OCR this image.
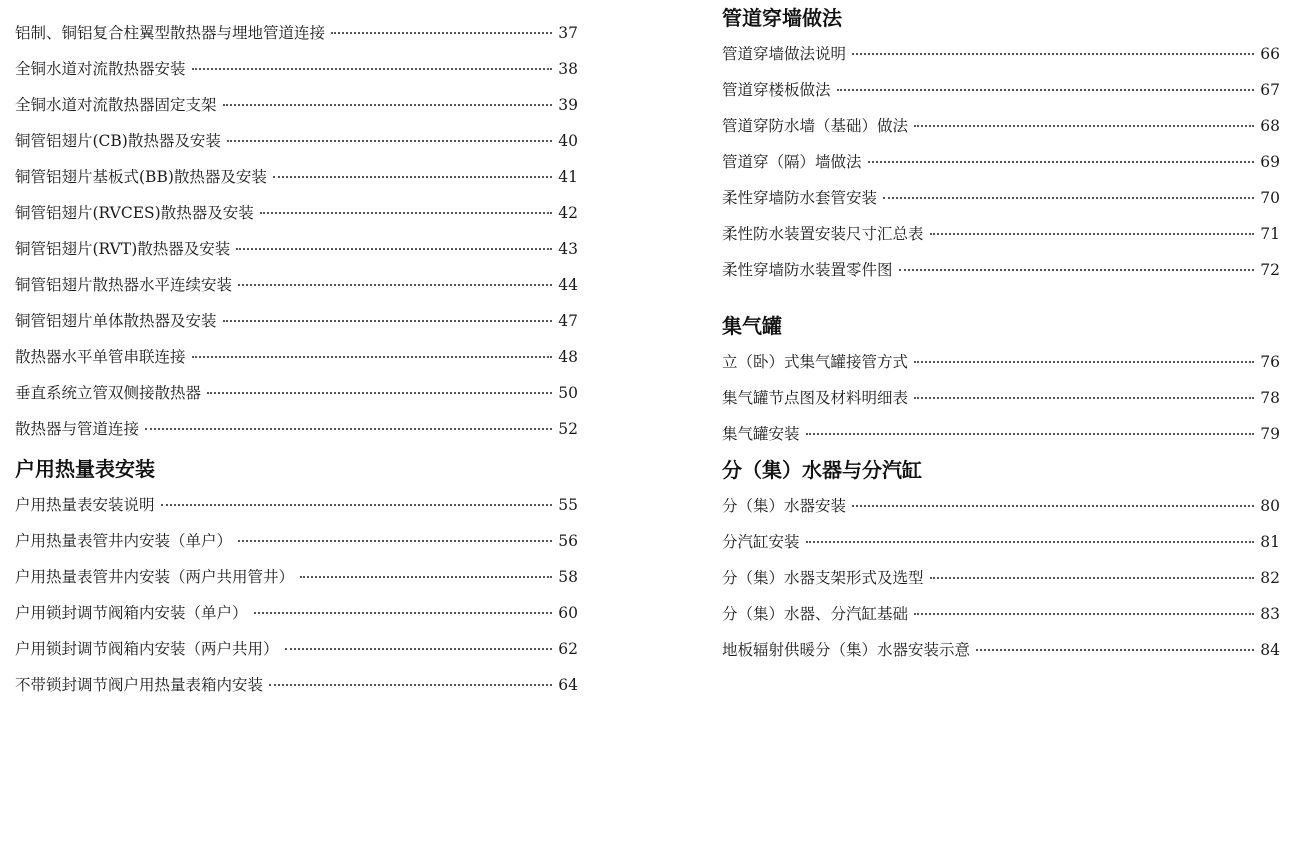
铝制、铜铝复合柱翼型散热器与埋地管道连接	37
全铜水道对流散热器安装	38
全铜水道对流散热器固定支架	39
铜管铝翅片(CB)散热器及安装	40
铜管铝翅片基板式(BB)散热器及安装	41
铜管铝翅片(RVCES)散热器及安装	42
铜管铝翅片(RVT)散热器及安装	43
铜管铝翅片散热器水平连续安装	44
铜管铝翅片单体散热器及安装	47
散热器水平单管串联连接	48
垂直系统立管双侧接散热器	50
散热器与管道连接	52
户用热量表安装
户用热量表安装说明	55
户用热量表管井内安装（单户）	56
户用热量表管井内安装（两户共用管井）	58
户用锁封调节阀箱内安装（单户）	60
户用锁封调节阀箱内安装（两户共用）	62
不带锁封调节阀户用热量表箱内安装	64
管道穿墙做法
管道穿墙做法说明	66
管道穿楼板做法	67
管道穿防水墙（基础）做法	68
管道穿（隔）墙做法	69
柔性穿墙防水套管安装	70
柔性防水装置安装尺寸汇总表	71
柔性穿墙防水装置零件图	72
集气罐
立（卧）式集气罐接管方式	76
集气罐节点图及材料明细表	78
集气罐安装	79
分（集）水器与分汽缸
分（集）水器安装	80
分汽缸安装	81
分（集）水器支架形式及选型	82
分（集）水器、分汽缸基础	83
地板辐射供暖分（集）水器安装示意	84
